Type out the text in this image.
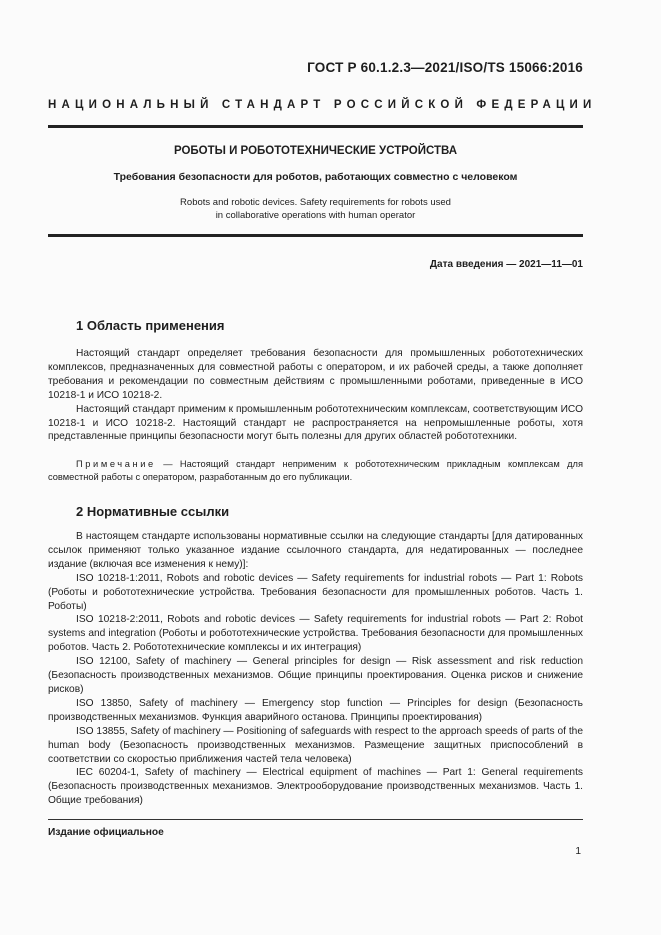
ГОСТ Р 60.1.2.3—2021/ISO/TS 15066:2016
НАЦИОНАЛЬНЫЙ СТАНДАРТ РОССИЙСКОЙ ФЕДЕРАЦИИ
РОБОТЫ И РОБОТОТЕХНИЧЕСКИЕ УСТРОЙСТВА
Требования безопасности для роботов, работающих совместно с человеком
Robots and robotic devices. Safety requirements for robots used
in collaborative operations with human operator
Дата введения — 2021—11—01
1 Область применения

Настоящий стандарт определяет требования безопасности для промышленных робототехнических комплексов, предназначенных для совместной работы с оператором, и их рабочей среды, а также дополняет требования и рекомендации по совместным действиям с промышленными роботами, приведенные в ИСО 10218-1 и ИСО 10218-2.

Настоящий стандарт применим к промышленным робототехническим комплексам, соответствующим ИСО 10218-1 и ИСО 10218-2. Настоящий стандарт не распространяется на непромышленные роботы, хотя представленные принципы безопасности могут быть полезны для других областей робототехники.

Примечание — Настоящий стандарт неприменим к робототехническим прикладным комплексам для совместной работы с оператором, разработанным до его публикации.
2 Нормативные ссылки

В настоящем стандарте использованы нормативные ссылки на следующие стандарты [для датированных ссылок применяют только указанное издание ссылочного стандарта, для недатированных — последнее издание (включая все изменения к нему)]:

ISO 10218-1:2011, Robots and robotic devices — Safety requirements for industrial robots — Part 1: Robots (Роботы и робототехнические устройства. Требования безопасности для промышленных роботов. Часть 1. Роботы)

ISO 10218-2:2011, Robots and robotic devices — Safety requirements for industrial robots — Part 2: Robot systems and integration (Роботы и робототехнические устройства. Требования безопасности для промышленных роботов. Часть 2. Робототехнические комплексы и их интеграция)

ISO 12100, Safety of machinery — General principles for design — Risk assessment and risk reduction (Безопасность производственных механизмов. Общие принципы проектирования. Оценка рисков и снижение рисков)

ISO 13850, Safety of machinery — Emergency stop function — Principles for design (Безопасность производственных механизмов. Функция аварийного останова. Принципы проектирования)

ISO 13855, Safety of machinery — Positioning of safeguards with respect to the approach speeds of parts of the human body (Безопасность производственных механизмов. Размещение защитных приспособлений в соответствии со скоростью приближения частей тела человека)

IEC 60204-1, Safety of machinery — Electrical equipment of machines — Part 1: General requirements (Безопасность производственных механизмов. Электрооборудование производственных механизмов. Часть 1. Общие требования)

Издание официальное
1
